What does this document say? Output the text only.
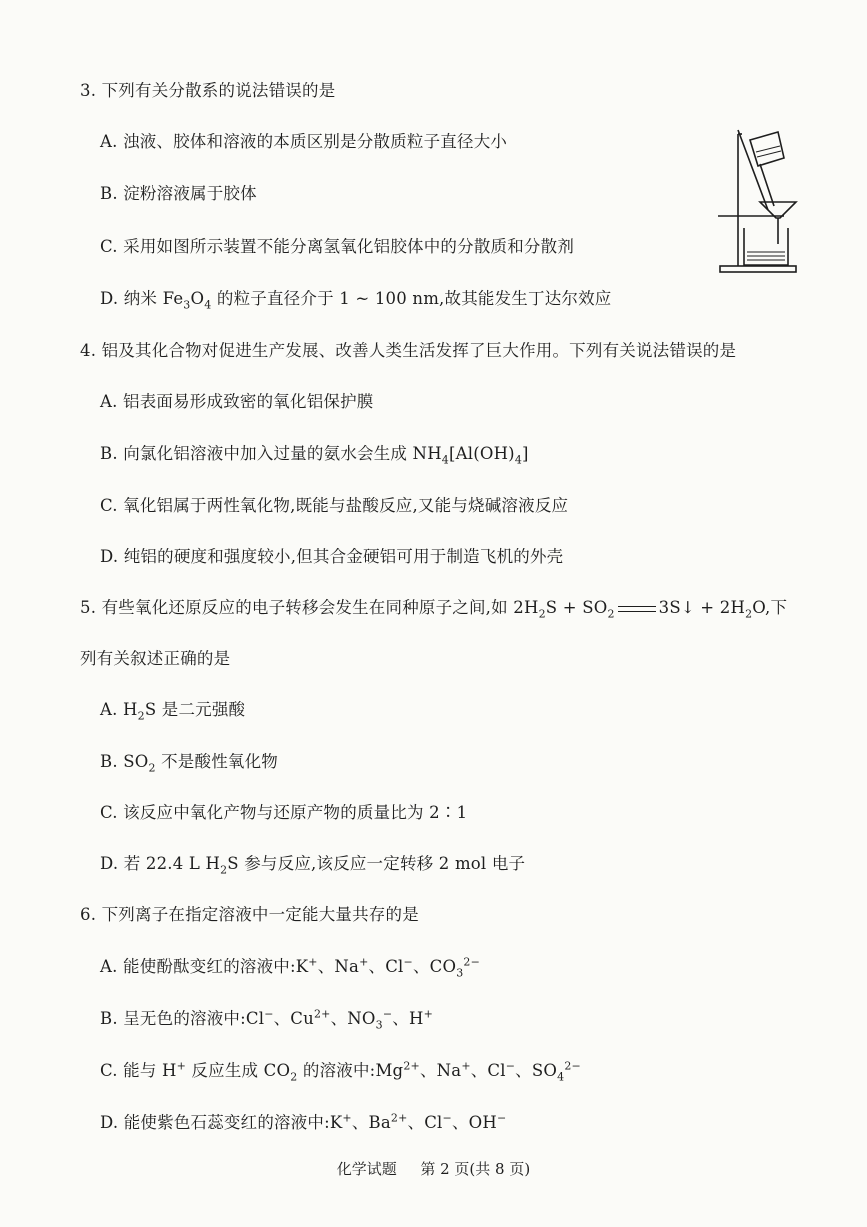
3. 下列有关分散系的说法错误的是
A. 浊液、胶体和溶液的本质区别是分散质粒子直径大小
B. 淀粉溶液属于胶体
C. 采用如图所示装置不能分离氢氧化铝胶体中的分散质和分散剂
D. 纳米 $Fe_3O_4$ 的粒子直径介于 1 ~ 100 nm,故其能发生丁达尔效应
4. 铝及其化合物对促进生产发展、改善人类生活发挥了巨大作用。下列有关说法错误的是
A. 铝表面易形成致密的氧化铝保护膜
B. 向氯化铝溶液中加入过量的氨水会生成 $NH_4[Al(OH)_4]$
C. 氧化铝属于两性氧化物,既能与盐酸反应,又能与烧碱溶液反应
D. 纯铝的硬度和强度较小,但其合金硬铝可用于制造飞机的外壳
5. 有些氧化还原反应的电子转移会发生在同种原子之间,如 $2H_2S + SO_2$	3S↓ + $2H_2O$,下
列有关叙述正确的是
A. $H_2S$ 是二元强酸
B. $SO_2$ 不是酸性氧化物
C. 该反应中氧化产物与还原产物的质量比为 2∶1
D. 若 22.4 L $H_2S$ 参与反应,该反应一定转移 2 mol 电子
6. 下列离子在指定溶液中一定能大量共存的是
A. 能使酚酞变红的溶液中:K+、Na+、Cl−、$CO_3^{2-}$
B. 呈无色的溶液中:Cl−、$Cu^{2+}$、$NO_3^-$、H+
C. 能与 H+ 反应生成 $CO_2$ 的溶液中$:Mg^{2+}$、Na+、Cl−、$SO_4^{2-}$
D. 能使紫色石蕊变红的溶液中:K+、$Ba^{2+}$、Cl−、OH−
化学试题 第 2 页(共 8 页)
